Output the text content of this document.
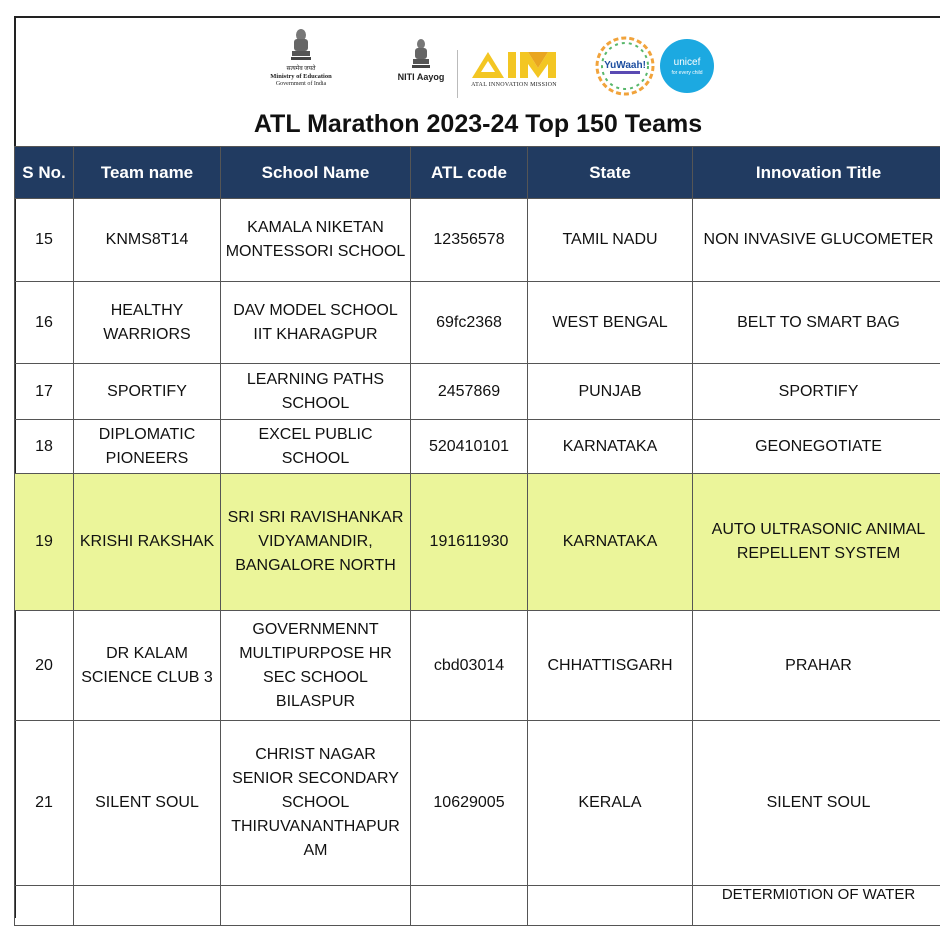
सत्यमेव जयते
Ministry of Education
Government of India
NITI Aayog
ATAL INNOVATION MISSION
YuWaah!	unicef
for every child
ATL Marathon 2023-24 Top 150 Teams
S No.	Team name	School Name	ATL code	State	Innovation Title
15	KNMS8T14	KAMALA NIKETAN MONTESSORI SCHOOL	12356578	TAMIL NADU	NON INVASIVE GLUCOMETER
16	HEALTHY WARRIORS	DAV MODEL SCHOOL IIT KHARAGPUR	69fc2368	WEST BENGAL	BELT TO SMART BAG
17	SPORTIFY	LEARNING PATHS SCHOOL	2457869	PUNJAB	SPORTIFY
18	DIPLOMATIC PIONEERS	EXCEL PUBLIC SCHOOL	520410101	KARNATAKA	GEONEGOTIATE
19	KRISHI RAKSHAK	SRI SRI RAVISHANKAR VIDYAMANDIR, BANGALORE NORTH	191611930	KARNATAKA	AUTO ULTRASONIC ANIMAL REPELLENT SYSTEM
20	DR KALAM SCIENCE CLUB 3	GOVERNMENNT MULTIPURPOSE HR SEC SCHOOL BILASPUR	cbd03014	CHHATTISGARH	PRAHAR
21	SILENT SOUL	CHRIST NAGAR SENIOR SECONDARY SCHOOL THIRUVANANTHAPUR AM	10629005	KERALA	SILENT SOUL
					DETERMI0TION OF WATER
